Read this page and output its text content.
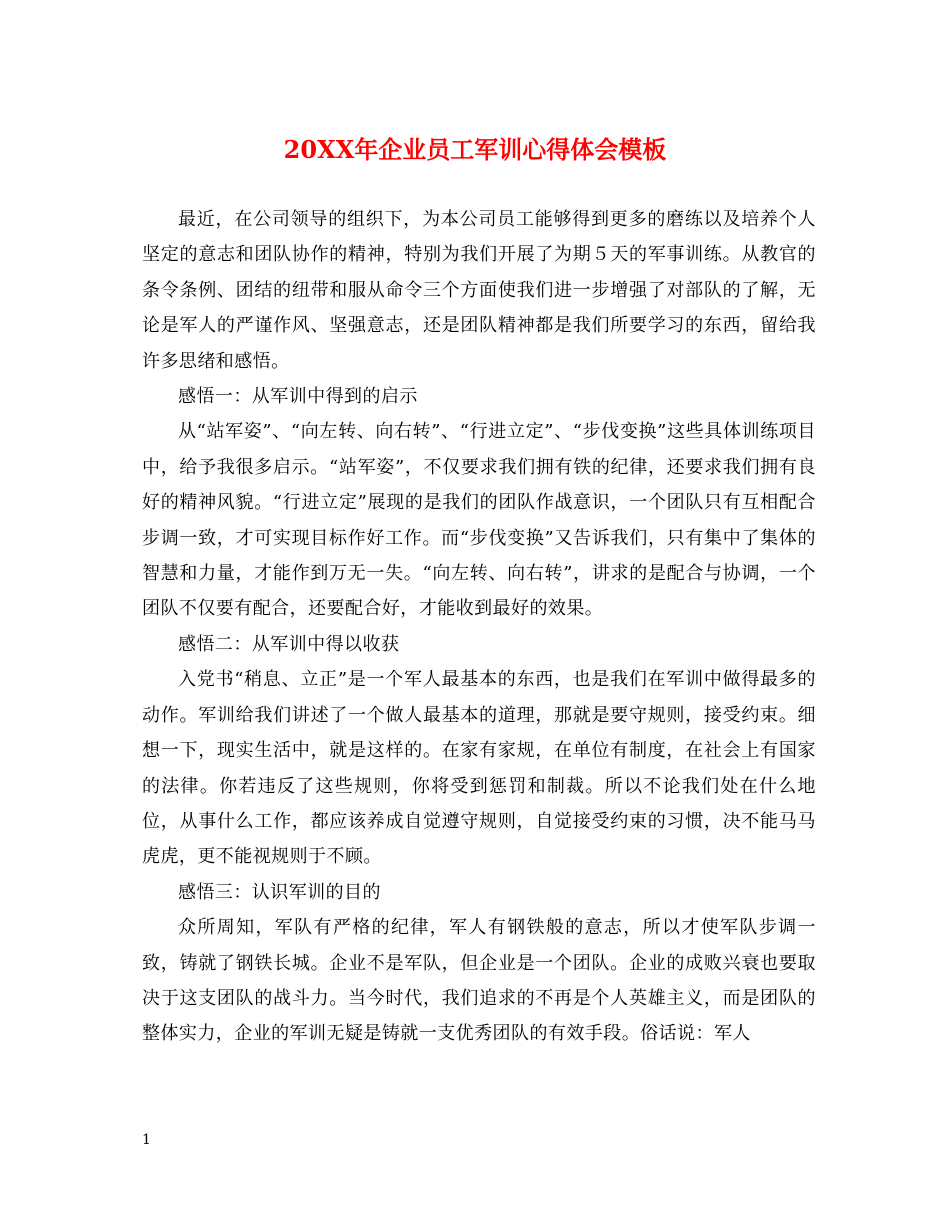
20XX年企业员工军训心得体会模板

最近，在公司领导的组织下，为本公司员工能够得到更多的磨练以及培养个人坚定的意志和团队协作的精神，特别为我们开展了为期５天的军事训练。从教官的条令条例、团结的纽带和服从命令三个方面使我们进一步增强了对部队的了解，无论是军人的严谨作风、坚强意志，还是团队精神都是我们所要学习的东西，留给我许多思绪和感悟。

感悟一：从军训中得到的启示

从“站军姿”、“向左转、向右转”、“行进立定”、“步伐变换”这些具体训练项目中，给予我很多启示。“站军姿”，不仅要求我们拥有铁的纪律，还要求我们拥有良好的精神风貌。“行进立定”展现的是我们的团队作战意识，一个团队只有互相配合步调一致，才可实现目标作好工作。而“步伐变换”又告诉我们，只有集中了集体的智慧和力量，才能作到万无一失。“向左转、向右转”，讲求的是配合与协调，一个团队不仅要有配合，还要配合好，才能收到最好的效果。

感悟二：从军训中得以收获

入党书“稍息、立正”是一个军人最基本的东西，也是我们在军训中做得最多的动作。军训给我们讲述了一个做人最基本的道理，那就是要守规则，接受约束。细想一下，现实生活中，就是这样的。在家有家规，在单位有制度，在社会上有国家的法律。你若违反了这些规则，你将受到惩罚和制裁。所以不论我们处在什么地位，从事什么工作，都应该养成自觉遵守规则，自觉接受约束的习惯，决不能马马虎虎，更不能视规则于不顾。

感悟三：认识军训的目的

众所周知，军队有严格的纪律，军人有钢铁般的意志，所以才使军队步调一致，铸就了钢铁长城。企业不是军队，但企业是一个团队。企业的成败兴衰也要取决于这支团队的战斗力。当今时代，我们追求的不再是个人英雄主义，而是团队的整体实力，企业的军训无疑是铸就一支优秀团队的有效手段。俗话说：军人

1
